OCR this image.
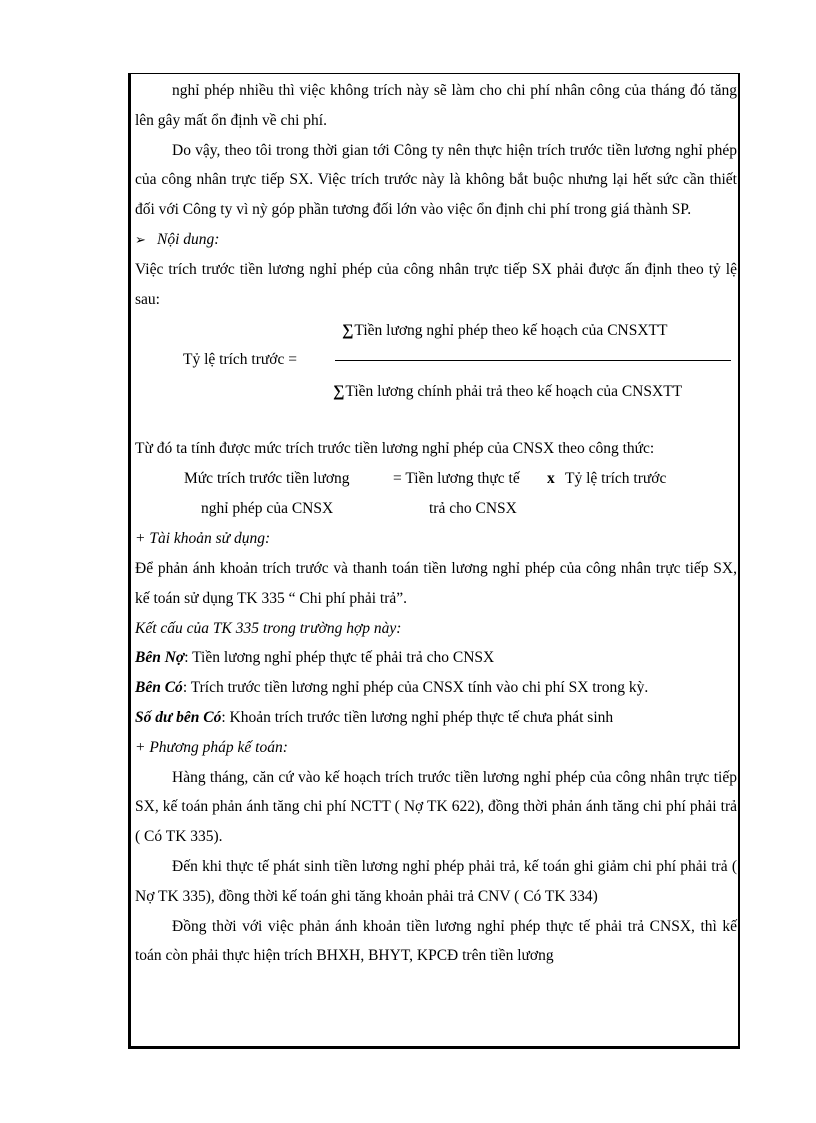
nghỉ phép nhiều thì việc không trích này sẽ làm cho chi phí nhân công của tháng đó tăng lên gây mất ổn định về chi phí.

Do vậy, theo tôi trong thời gian tới Công ty nên thực hiện trích trước tiền lương nghỉ phép của công nhân trực tiếp SX. Việc trích trước này là không bắt buộc nhưng lại hết sức cần thiết đối với Công ty vì nỳ góp phần tương đối lớn vào việc ổn định chi phí trong giá thành SP.

➢ Nội dung:

Việc trích trước tiền lương nghỉ phép của công nhân trực tiếp SX phải được ấn định theo tỷ lệ sau:

∑Tiền lương nghỉ phép theo kế hoạch của CNSXTT
Tỷ lệ trích trước =
∑Tiền lương chính phải trả theo kế hoạch của CNSXTT

Từ đó ta tính được mức trích trước tiền lương nghỉ phép của CNSX theo công thức:

Mức trích trước tiền lương	= Tiền lương thực tế x Tỷ lệ trích trước
nghỉ phép của CNSX	trả cho CNSX

+ Tài khoản sử dụng:

Để phản ánh khoản trích trước và thanh toán tiền lương nghỉ phép của công nhân trực tiếp SX, kế toán sử dụng TK 335 “ Chi phí phải trả”.

Kết cấu của TK 335 trong trường hợp này:

Bên Nợ: Tiền lương nghỉ phép thực tế phải trả cho CNSX

Bên Có: Trích trước tiền lương nghỉ phép của CNSX tính vào chi phí SX trong kỳ.

Số dư bên Có: Khoản trích trước tiền lương nghỉ phép thực tế chưa phát sinh

+ Phương pháp kế toán:

Hàng tháng, căn cứ vào kế hoạch trích trước tiền lương nghỉ phép của công nhân trực tiếp SX, kế toán phản ánh tăng chi phí NCTT ( Nợ TK 622), đồng thời phản ánh tăng chi phí phải trả ( Có TK 335).

Đến khi thực tế phát sinh tiền lương nghỉ phép phải trả, kế toán ghi giảm chi phí phải trả ( Nợ TK 335), đồng thời kế toán ghi tăng khoản phải trả CNV ( Có TK 334)

Đồng thời với việc phản ánh khoản tiền lương nghỉ phép thực tế phải trả CNSX, thì kế toán còn phải thực hiện trích BHXH, BHYT, KPCĐ trên tiền lương
